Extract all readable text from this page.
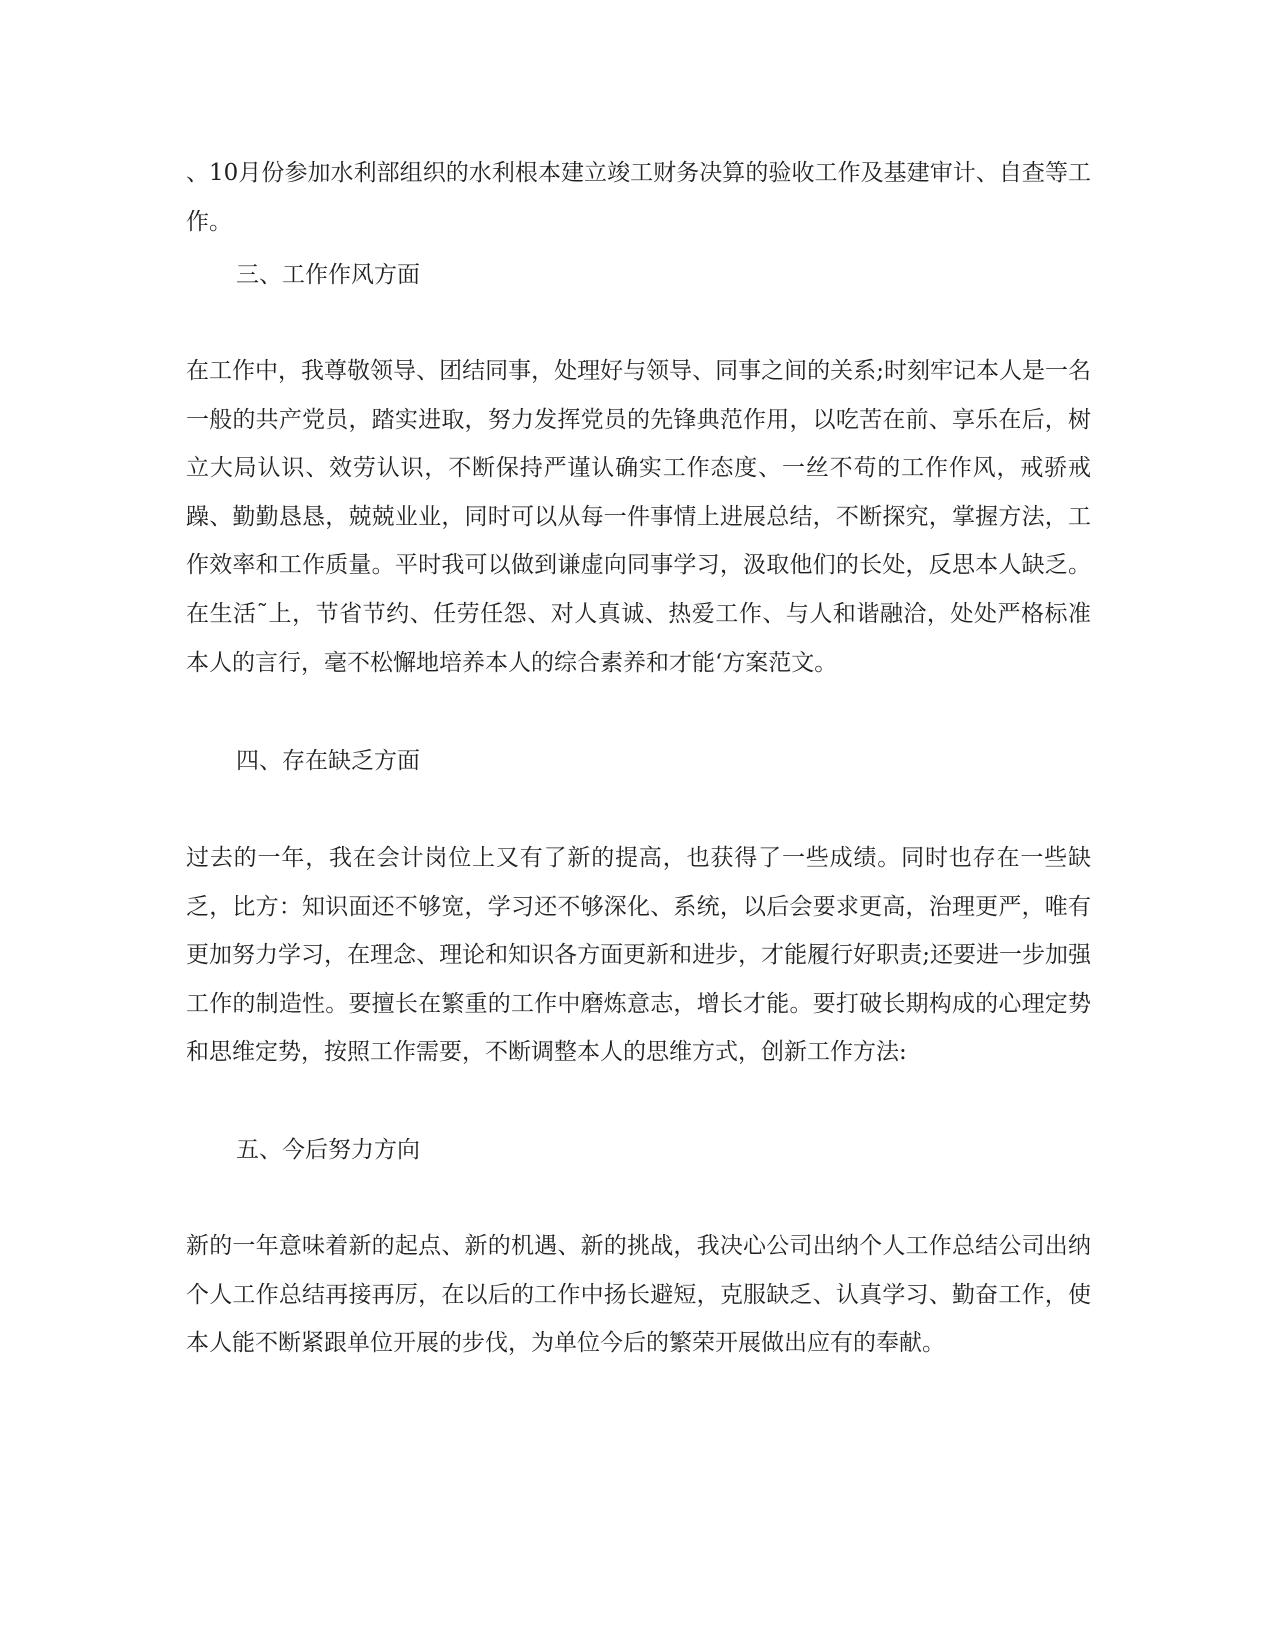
、10月份参加水利部组织的水利根本建立竣工财务决算的验收工作及基建审计、自查等工作。

三、工作作风方面

在工作中，我尊敬领导、团结同事，处理好与领导、同事之间的关系;时刻牢记本人是一名一般的共产党员，踏实进取，努力发挥党员的先锋典范作用，以吃苦在前、享乐在后，树立大局认识、效劳认识，不断保持严谨认确实工作态度、一丝不苟的工作作风，戒骄戒躁、勤勤恳恳，兢兢业业，同时可以从每一件事情上进展总结，不断探究，掌握方法，工作效率和工作质量。平时我可以做到谦虚向同事学习，汲取他们的长处，反思本人缺乏。在生活˜上，节省节约、任劳任怨、对人真诚、热爱工作、与人和谐融洽，处处严格标准本人的言行，毫不松懈地培养本人的综合素养和才能‘方案范文。

四、存在缺乏方面

过去的一年，我在会计岗位上又有了新的提高，也获得了一些成绩。同时也存在一些缺乏，比方：知识面还不够宽，学习还不够深化、系统，以后会要求更高，治理更严，唯有更加努力学习，在理念、理论和知识各方面更新和进步，才能履行好职责;还要进一步加强工作的制造性。要擅长在繁重的工作中磨炼意志，增长才能。要打破长期构成的心理定势和思维定势，按照工作需要，不断调整本人的思维方式，创新工作方法:

五、今后努力方向

新的一年意味着新的起点、新的机遇、新的挑战，我决心公司出纳个人工作总结公司出纳个人工作总结再接再厉，在以后的工作中扬长避短，克服缺乏、认真学习、勤奋工作，使本人能不断紧跟单位开展的步伐，为单位今后的繁荣开展做出应有的奉献。
